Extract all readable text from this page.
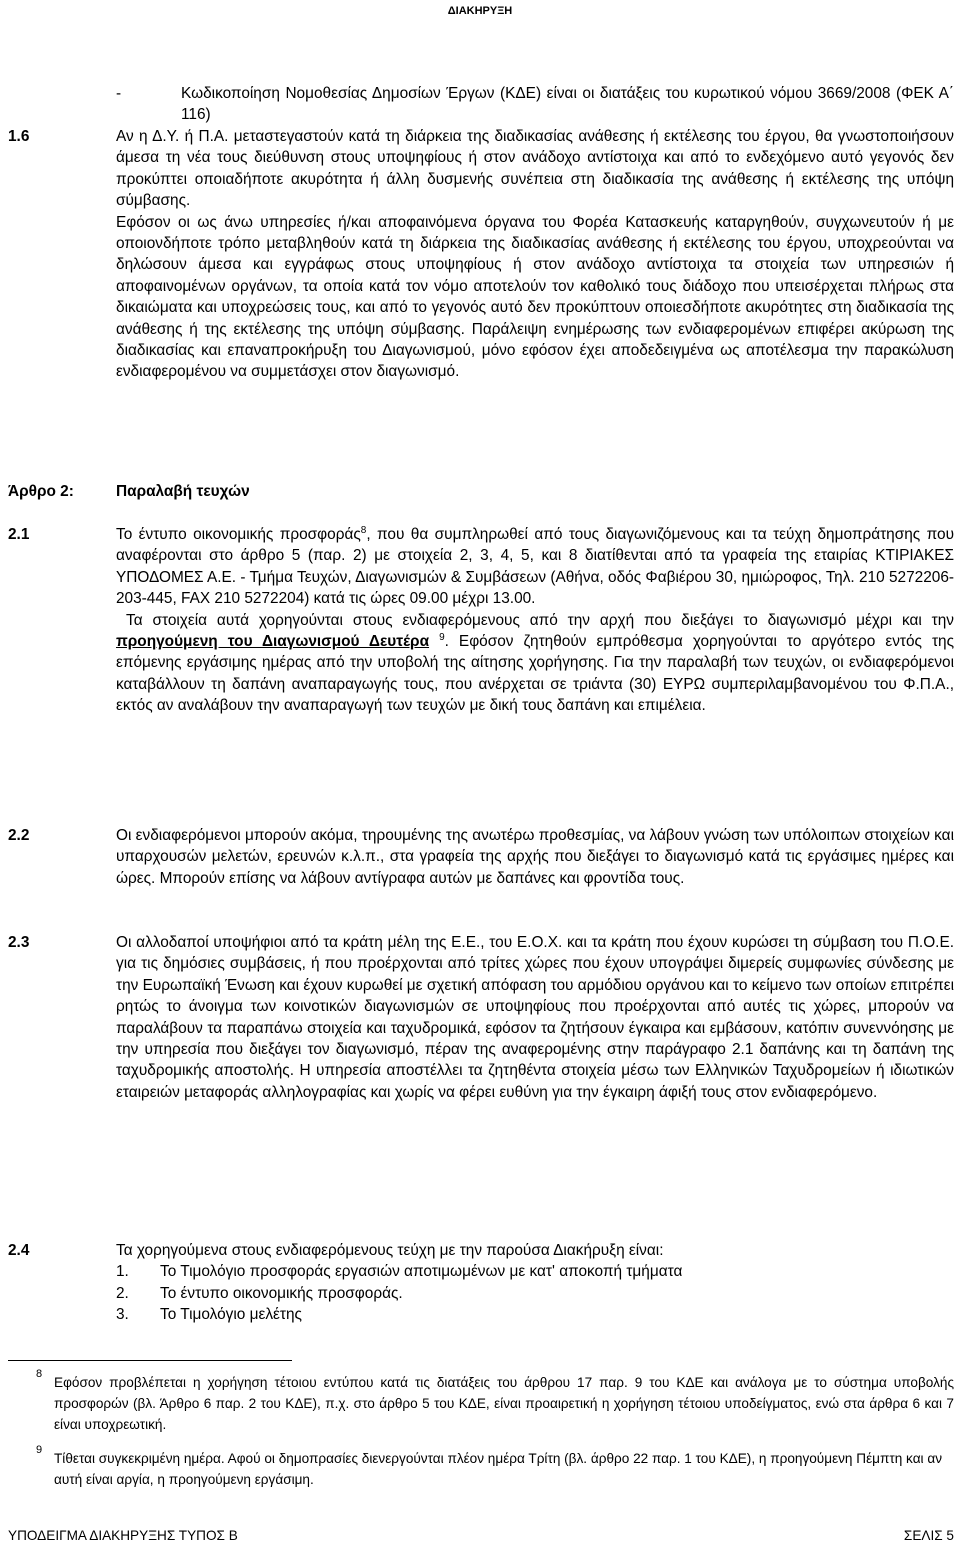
ΔΙΑΚΗΡΥΞΗ
-	Κωδικοποίηση Νομοθεσίας Δημοσίων Έργων (ΚΔΕ) είναι οι διατάξεις του κυρωτικού νόμου 3669/2008 (ΦΕΚ Α΄ 116)
1.6	Αν η Δ.Υ. ή Π.Α. μεταστεγαστούν κατά τη διάρκεια της διαδικασίας ανάθεσης ή εκτέλεσης του έργου, θα γνωστοποιήσουν άμεσα τη νέα τους διεύθυνση στους υποψηφίους ή στον ανάδοχο αντίστοιχα και από το ενδεχόμενο αυτό γεγονός δεν προκύπτει οποιαδήποτε ακυρότητα ή άλλη δυσμενής συνέπεια στη διαδικασία της ανάθεσης ή εκτέλεσης της υπόψη σύμβασης.

Εφόσον οι ως άνω υπηρεσίες ή/και αποφαινόμενα όργανα του Φορέα Κατασκευής καταργηθούν, συγχωνευτούν ή με οποιονδήποτε τρόπο μεταβληθούν κατά τη διάρκεια της διαδικασίας ανάθεσης ή εκτέλεσης του έργου, υποχρεούνται να δηλώσουν άμεσα και εγγράφως στους υποψηφίους ή στον ανάδοχο αντίστοιχα τα στοιχεία των υπηρεσιών ή αποφαινομένων οργάνων, τα οποία κατά τον νόμο αποτελούν τον καθολικό τους διάδοχο που υπεισέρχεται πλήρως στα δικαιώματα και υποχρεώσεις τους, και από το γεγονός αυτό δεν προκύπτουν οποιεσδήποτε ακυρότητες στη διαδικασία της ανάθεσης ή της εκτέλεσης της υπόψη σύμβασης. Παράλειψη ενημέρωσης των ενδιαφερομένων επιφέρει ακύρωση της διαδικασίας και επαναπροκήρυξη του Διαγωνισμού, μόνο εφόσον έχει αποδεδειγμένα ως αποτέλεσμα την παρακώλυση ενδιαφερομένου να συμμετάσχει στον διαγωνισμό.

Άρθρο 2:	Παραλαβή τευχών
2.1	Το έντυπο οικονομικής προσφοράς$^8$, που θα συμπληρωθεί από τους διαγωνιζόμενους και τα τεύχη δημοπράτησης που αναφέρονται στο άρθρο 5 (παρ. 2) με στοιχεία 2, 3, 4, 5, και 8 διατίθενται από τα γραφεία της εταιρίας ΚΤΙΡΙΑΚΕΣ ΥΠΟΔΟΜΕΣ Α.Ε. - Τμήμα Τευχών, Διαγωνισμών & Συμβάσεων (Αθήνα, οδός Φαβιέρου 30, ημιώροφος, Τηλ. 210 5272206-203-445, FAX 210 5272204) κατά τις ώρες 09.00 μέχρι 13.00.

Τα στοιχεία αυτά χορηγούνται στους ενδιαφερόμενους από την αρχή που διεξάγει το διαγωνισμό μέχρι και την προηγούμενη του Διαγωνισμού Δευτέρα $^9$. Εφόσον ζητηθούν εμπρόθεσμα χορηγούνται το αργότερο εντός της επόμενης εργάσιμης ημέρας από την υποβολή της αίτησης χορήγησης. Για την παραλαβή των τευχών, οι ενδιαφερόμενοι καταβάλλουν τη δαπάνη αναπαραγωγής τους, που ανέρχεται σε τριάντα (30) ΕΥΡΩ συμπεριλαμβανομένου του Φ.Π.Α., εκτός αν αναλάβουν την αναπαραγωγή των τευχών με δική τους δαπάνη και επιμέλεια.

2.2	Οι ενδιαφερόμενοι μπορούν ακόμα, τηρουμένης της ανωτέρω προθεσμίας, να λάβουν γνώση των υπόλοιπων στοιχείων και υπαρχουσών μελετών, ερευνών κ.λ.π., στα γραφεία της αρχής που διεξάγει το διαγωνισμό κατά τις εργάσιμες ημέρες και ώρες. Μπορούν επίσης να λάβουν αντίγραφα αυτών με δαπάνες και φροντίδα τους.
2.3	Οι αλλοδαποί υποψήφιοι από τα κράτη μέλη της Ε.Ε., του Ε.Ο.Χ. και τα κράτη που έχουν κυρώσει τη σύμβαση του Π.Ο.Ε. για τις δημόσιες συμβάσεις, ή που προέρχονται από τρίτες χώρες που έχουν υπογράψει διμερείς συμφωνίες σύνδεσης με την Ευρωπαϊκή Ένωση και έχουν κυρωθεί με σχετική απόφαση του αρμόδιου οργάνου και το κείμενο των οποίων επιτρέπει ρητώς το άνοιγμα των κοινοτικών διαγωνισμών σε υποψηφίους που προέρχονται από αυτές τις χώρες, μπορούν να παραλάβουν τα παραπάνω στοιχεία και ταχυδρομικά, εφόσον τα ζητήσουν έγκαιρα και εμβάσουν, κατόπιν συνεννόησης με την υπηρεσία που διεξάγει τον διαγωνισμό, πέραν της αναφερομένης στην παράγραφο 2.1 δαπάνης και τη δαπάνη της ταχυδρομικής αποστολής. Η υπηρεσία αποστέλλει τα ζητηθέντα στοιχεία μέσω των Ελληνικών Ταχυδρομείων ή ιδιωτικών εταιρειών μεταφοράς αλληλογραφίας και χωρίς να φέρει ευθύνη για την έγκαιρη άφιξή τους στον ενδιαφερόμενο.
2.4	Τα χορηγούμενα στους ενδιαφερόμενους τεύχη με την παρούσα Διακήρυξη είναι:

1. Το Τιμολόγιο προσφοράς εργασιών αποτιμωμένων με κατ' αποκοπή τμήματα
2. Το έντυπο οικονομικής προσφοράς.
3. Το Τιμολόγιο μελέτης
8
Εφόσον προβλέπεται η χορήγηση τέτοιου εντύπου κατά τις διατάξεις του άρθρου 17 παρ. 9 του ΚΔΕ και ανάλογα με το σύστημα υποβολής προσφορών (βλ. Άρθρο 6 παρ. 2 του ΚΔΕ), π.χ. στο άρθρο 5 του ΚΔΕ, είναι προαιρετική η χορήγηση τέτοιου υποδείγματος, ενώ στα άρθρα 6 και 7 είναι υποχρεωτική.
9
Τίθεται συγκεκριμένη ημέρα. Αφού οι δημοπρασίες διενεργούνται πλέον ημέρα Τρίτη (βλ. άρθρο 22 παρ. 1 του ΚΔΕ), η προηγούμενη Πέμπτη και αν αυτή είναι αργία, η προηγούμενη εργάσιμη.
ΥΠΟΔΕΙΓΜΑ ΔΙΑΚΗΡΥΞΗΣ ΤΥΠΟΣ Β	ΣΕΛΙΣ 5
